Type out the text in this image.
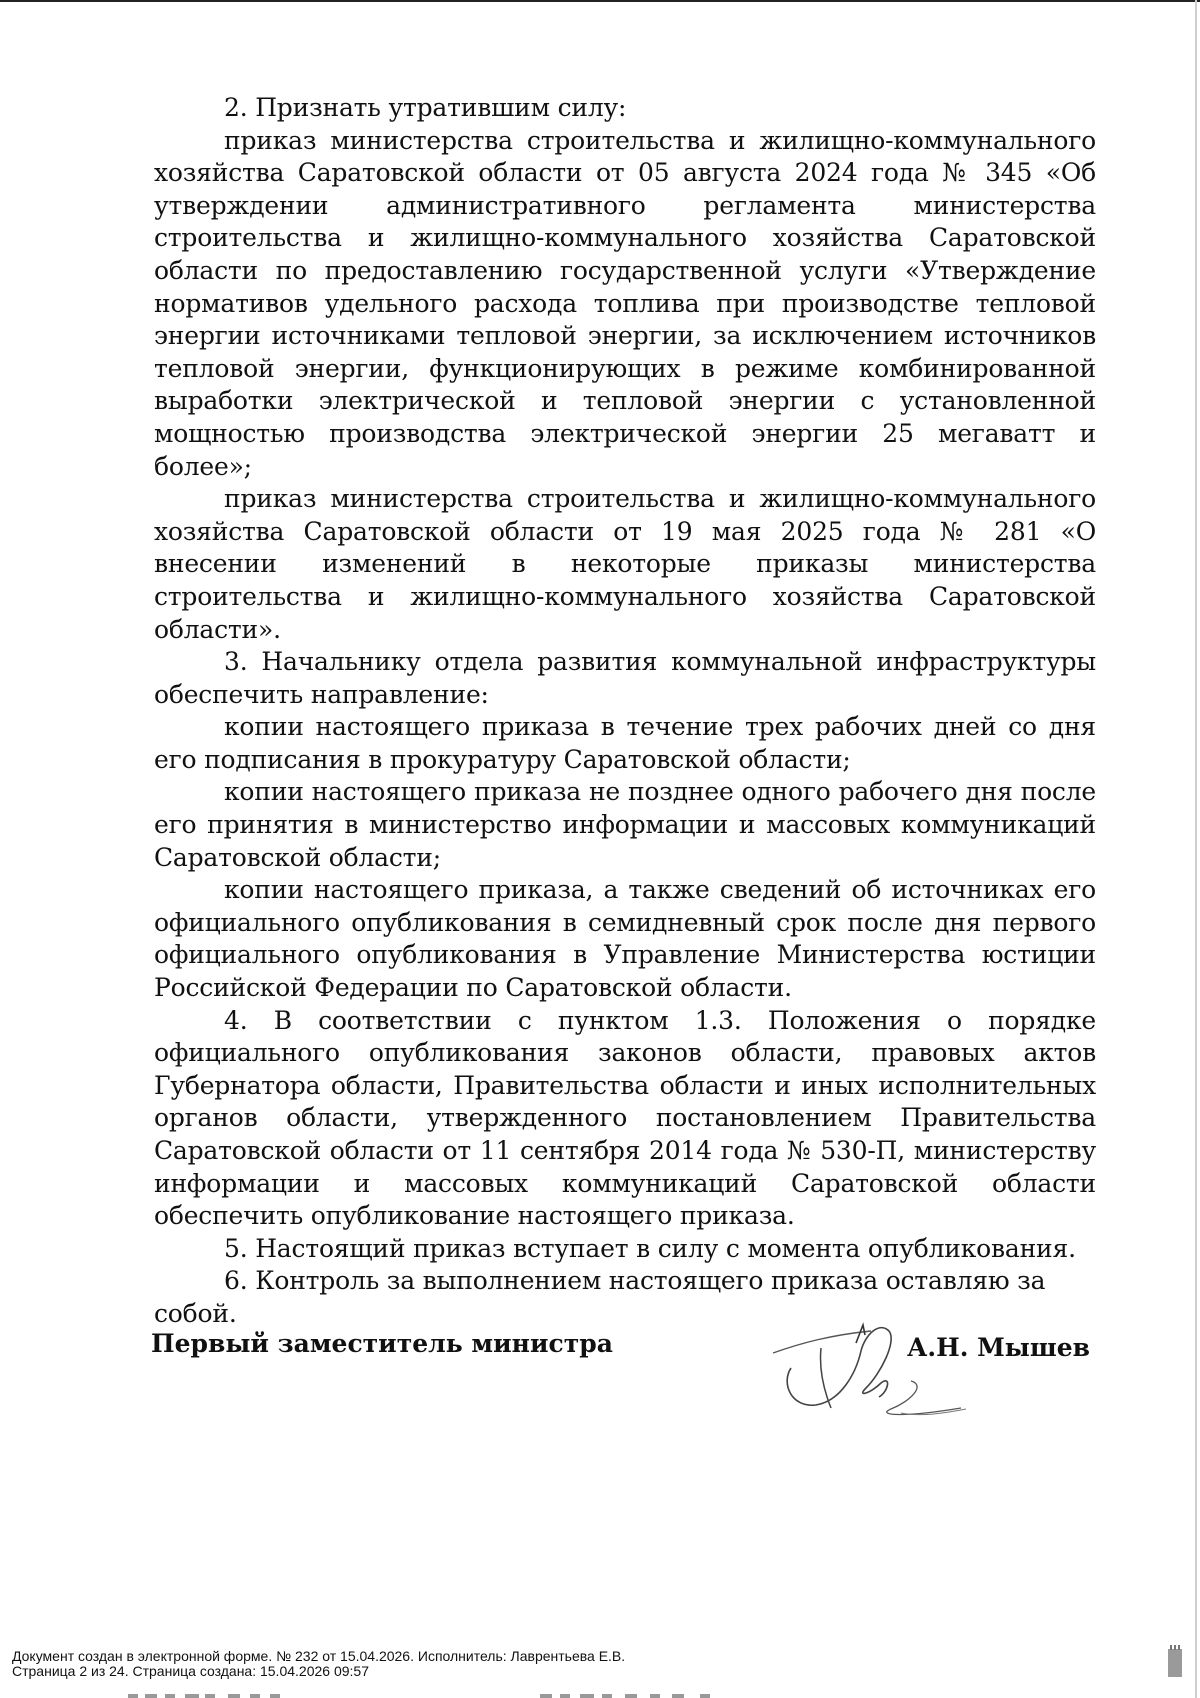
2. Признать утратившим силу:

приказ министерства строительства и жилищно-коммунального хозяйства Саратовской области от 05 августа 2024 года № 345 «Об утверждении административного регламента министерства строительства и жилищно-коммунального хозяйства Саратовской области по предоставлению государственной услуги «Утверждение нормативов удельного расхода топлива при производстве тепловой энергии источниками тепловой энергии, за исключением источников тепловой энергии, функционирующих в режиме комбинированной выработки электрической и тепловой энергии с установленной мощностью производства электрической энергии 25 мегаватт и более»;

приказ министерства строительства и жилищно-коммунального хозяйства Саратовской области от 19 мая 2025 года № 281 «О внесении изменений в некоторые приказы министерства строительства и жилищно-коммунального хозяйства Саратовской области».

3. Начальнику отдела развития коммунальной инфраструктуры обеспечить направление:

копии настоящего приказа в течение трех рабочих дней со дня его подписания в прокуратуру Саратовской области;

копии настоящего приказа не позднее одного рабочего дня после его принятия в министерство информации и массовых коммуникаций Саратовской области;

копии настоящего приказа, а также сведений об источниках его официального опубликования в семидневный срок после дня первого официального опубликования в Управление Министерства юстиции Российской Федерации по Саратовской области.

4. В соответствии с пунктом 1.3. Положения о порядке официального опубликования законов области, правовых актов Губернатора области, Правительства области и иных исполнительных органов области, утвержденного постановлением Правительства Саратовской области от 11 сентября 2014 года № 530-П, министерству информации и массовых коммуникаций Саратовской области обеспечить опубликование настоящего приказа.

5. Настоящий приказ вступает в силу с момента опубликования.

6. Контроль за выполнением настоящего приказа оставляю за собой.

Первый заместитель министра	А.Н. Мышев
Документ создан в электронной форме. № 232 от 15.04.2026. Исполнитель: Лаврентьева Е.В.
Страница 2 из 24. Страница создана: 15.04.2026 09:57
